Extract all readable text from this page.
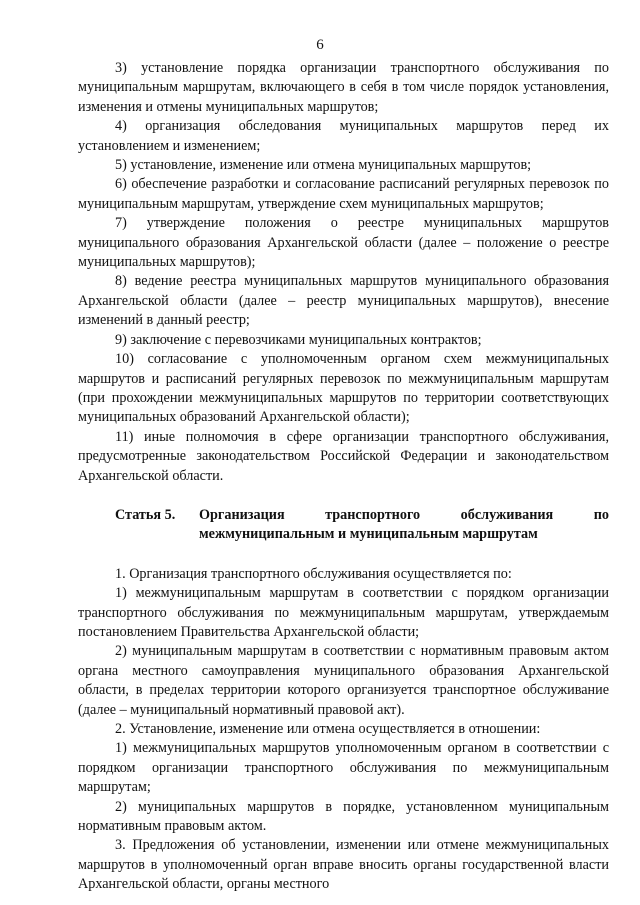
6

3) установление порядка организации транспортного обслуживания по муниципальным маршрутам, включающего в себя в том числе порядок установления, изменения и отмены муниципальных маршрутов;

4) организация обследования муниципальных маршрутов перед их установлением и изменением;

5) установление, изменение или отмена муниципальных маршрутов;

6) обеспечение разработки и согласование расписаний регулярных перевозок по муниципальным маршрутам, утверждение схем муниципальных маршрутов;

7) утверждение положения о реестре муниципальных маршрутов муниципального образования Архангельской области (далее – положение о реестре муниципальных маршрутов);

8) ведение реестра муниципальных маршрутов муниципального образования Архангельской области (далее – реестр муниципальных маршрутов), внесение изменений в данный реестр;

9) заключение с перевозчиками муниципальных контрактов;

10) согласование с уполномоченным органом схем межмуниципальных маршрутов и расписаний регулярных перевозок по межмуниципальным маршрутам (при прохождении межмуниципальных маршрутов по территории соответствующих муниципальных образований Архангельской области);

11) иные полномочия в сфере организации транспортного обслуживания, предусмотренные законодательством Российской Федерации и законодательством Архангельской области.

Статья 5.	Организация транспортного обслуживания по межмуниципальным и муниципальным маршрутам

1. Организация транспортного обслуживания осуществляется по:

1) межмуниципальным маршрутам в соответствии с порядком организации транспортного обслуживания по межмуниципальным маршрутам, утверждаемым постановлением Правительства Архангельской области;

2) муниципальным маршрутам в соответствии с нормативным правовым актом органа местного самоуправления муниципального образования Архангельской области, в пределах территории которого организуется транспортное обслуживание (далее – муниципальный нормативный правовой акт).

2. Установление, изменение или отмена осуществляется в отношении:

1) межмуниципальных маршрутов уполномоченным органом в соответствии с порядком организации транспортного обслуживания по межмуниципальным маршрутам;

2) муниципальных маршрутов в порядке, установленном муниципальным нормативным правовым актом.

3. Предложения об установлении, изменении или отмене межмуниципальных маршрутов в уполномоченный орган вправе вносить органы государственной власти Архангельской области, органы местного
